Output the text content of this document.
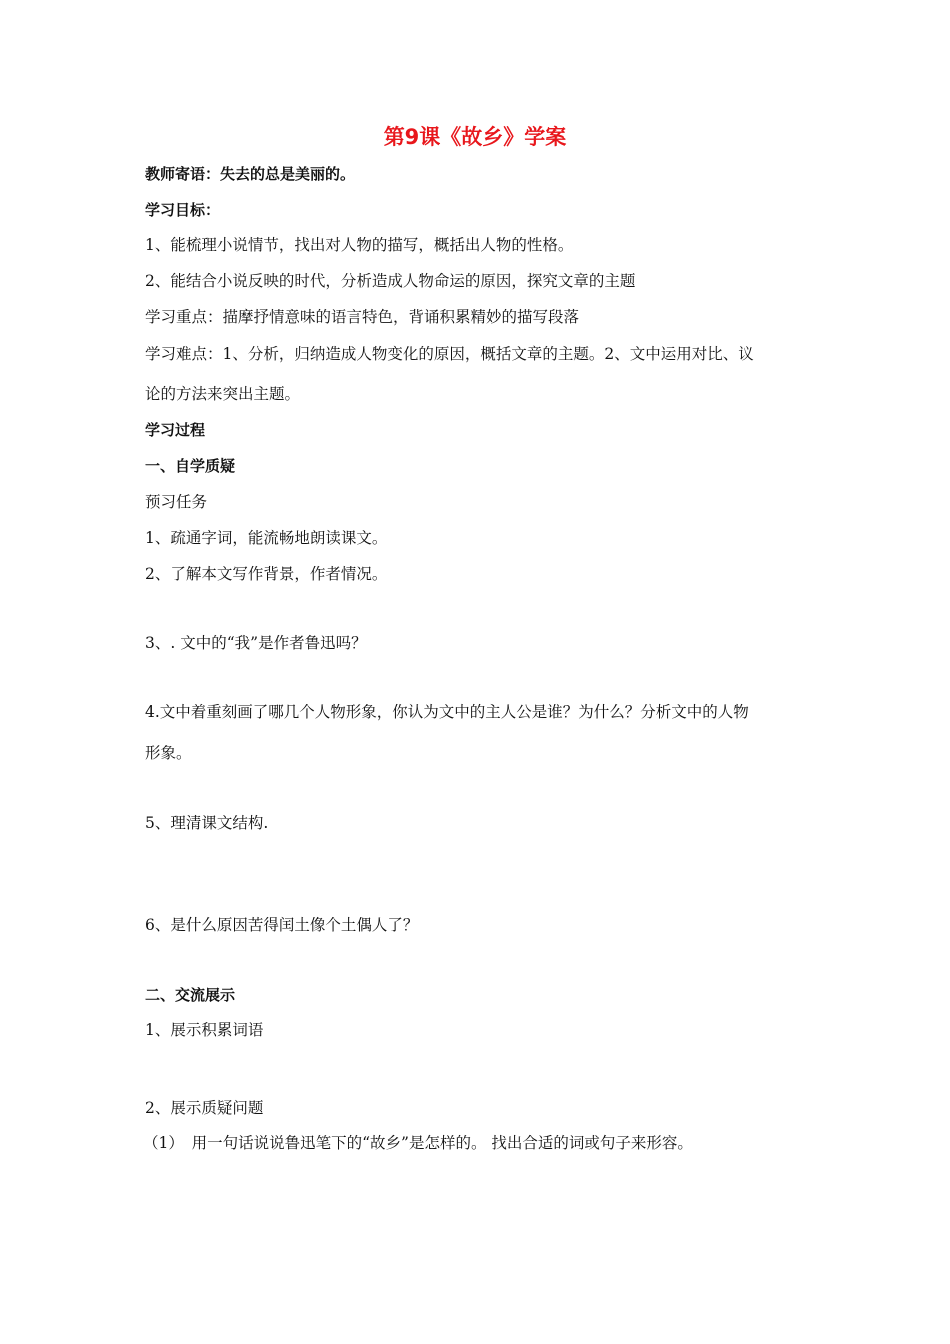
第9课《故乡》学案
教师寄语：失去的总是美丽的。
学习目标：
1、能梳理小说情节，找出对人物的描写，概括出人物的性格。
2、能结合小说反映的时代，分析造成人物命运的原因，探究文章的主题
学习重点：描摩抒情意味的语言特色，背诵积累精妙的描写段落
学习难点：1、分析，归纳造成人物变化的原因，概括文章的主题。2、文中运用对比、议
论的方法来突出主题。
学习过程
一、自学质疑
预习任务
1、疏通字词，能流畅地朗读课文。
2、了解本文写作背景，作者情况。
3、. 文中的“我”是作者鲁迅吗？
4.文中着重刻画了哪几个人物形象，你认为文中的主人公是谁？为什么？分析文中的人物
形象。
5、理清课文结构.
6、是什么原因苦得闰土像个土偶人了？
二、交流展示
1、展示积累词语
2、展示质疑问题
（1）　用一句话说说鲁迅笔下的“故乡”是怎样的。 找出合适的词或句子来形容。
